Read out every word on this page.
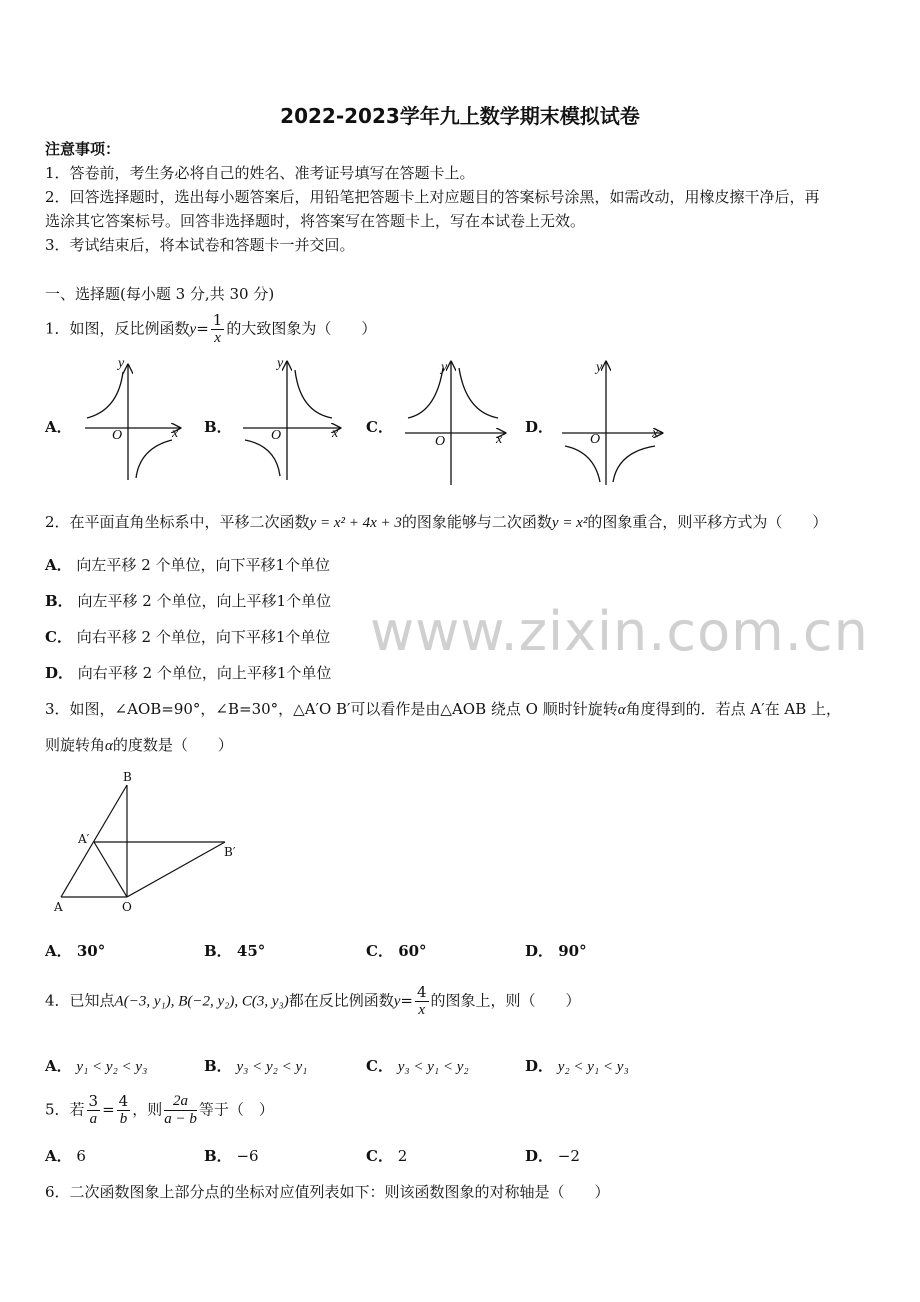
2022-2023学年九上数学期末模拟试卷
注意事项：
1．答卷前，考生务必将自己的姓名、准考证号填写在答题卡上。
2．回答选择题时，选出每小题答案后，用铅笔把答题卡上对应题目的答案标号涂黑，如需改动，用橡皮擦干净后，再
选涂其它答案标号。回答非选择题时，将答案写在答题卡上，写在本试卷上无效。
3．考试结束后，将本试卷和答题卡一并交回。
一、选择题(每小题 3 分,共 30 分)
1．如图，反比例函数$y= \frac{1}{x}$ 的大致图象为（　　）
A．	B．	C．	D．
y
x
O
y
x
O
y
x
O
y
x
O
2．在平面直角坐标系中，平移二次函数y = x² + 4x + 3的图象能够与二次函数y = x²的图象重合，则平移方式为（　　）
A． 向左平移 2 个单位，向下平移1个单位
B． 向左平移 2 个单位，向上平移1个单位
C． 向右平移 2 个单位，向下平移1个单位
D． 向右平移 2 个单位，向上平移1个单位
www.zixin.com.cn
3．如图，∠AOB=90°，∠B=30°，△A′O B′可以看作是由△AOB 绕点 O 顺时针旋转α角度得到的．若点 A′在 AB 上，
则旋转角α的度数是（　　）
B
A′
B′
A	O
A． 30°	B． 45°	C． 60°	D． 90°
4．已知点A(−3, y₁), B(−2, y₂), C(3, y₃)都在反比例函数$y= \frac{4}{x}$ 的图象上，则（　　）
A． y₁ < y₂ < y₃	B． y₃ < y₂ < y₁	C． y₃ < y₁ < y₂	D． y₂ < y₁ < y₃
5．若 $\frac{3}{a} = \frac{4}{b}$ ，则 $\frac{2a}{a - b}$ 等于（　）
A． 6	B． −6	C． 2	D． −2
6．二次函数图象上部分点的坐标对应值列表如下：则该函数图象的对称轴是（　　）
